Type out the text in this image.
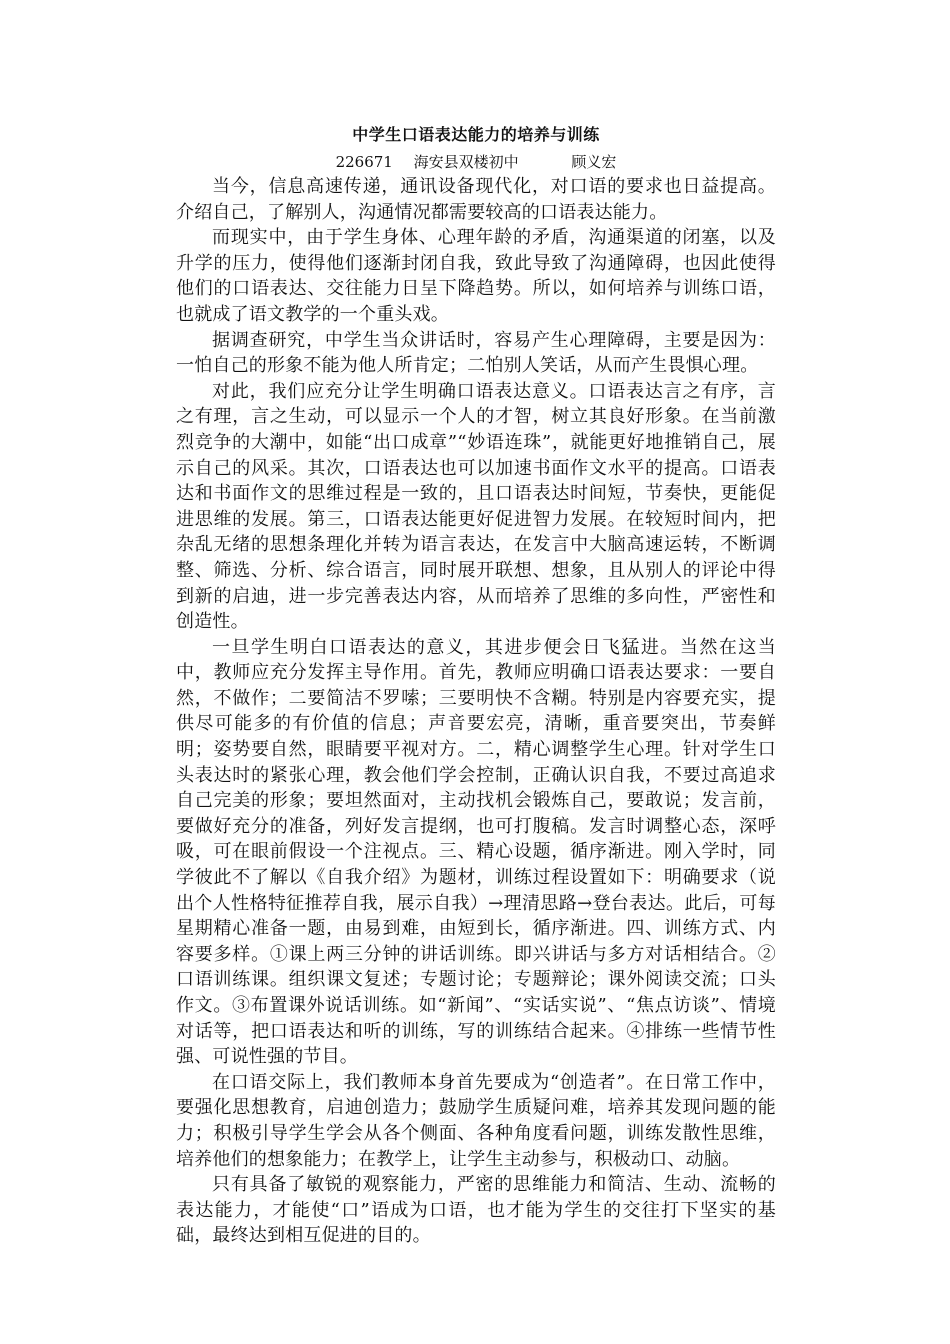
中学生口语表达能力的培养与训练
226671 海安县双楼初中	顾义宏

当今，信息高速传递，通讯设备现代化，对口语的要求也日益提高。介绍自己，了解别人，沟通情况都需要较高的口语表达能力。

而现实中，由于学生身体、心理年龄的矛盾，沟通渠道的闭塞，以及升学的压力，使得他们逐渐封闭自我，致此导致了沟通障碍，也因此使得他们的口语表达、交往能力日呈下降趋势。所以，如何培养与训练口语，也就成了语文教学的一个重头戏。

据调查研究，中学生当众讲话时，容易产生心理障碍，主要是因为：一怕自己的形象不能为他人所肯定；二怕别人笑话，从而产生畏惧心理。

对此，我们应充分让学生明确口语表达意义。口语表达言之有序，言之有理，言之生动，可以显示一个人的才智，树立其良好形象。在当前激烈竞争的大潮中，如能“出口成章”“妙语连珠”，就能更好地推销自己，展示自己的风采。其次，口语表达也可以加速书面作文水平的提高。口语表达和书面作文的思维过程是一致的，且口语表达时间短，节奏快，更能促进思维的发展。第三，口语表达能更好促进智力发展。在较短时间内，把杂乱无绪的思想条理化并转为语言表达，在发言中大脑高速运转，不断调整、筛选、分析、综合语言，同时展开联想、想象，且从别人的评论中得到新的启迪，进一步完善表达内容，从而培养了思维的多向性，严密性和创造性。

一旦学生明白口语表达的意义，其进步便会日飞猛进。当然在这当中，教师应充分发挥主导作用。首先，教师应明确口语表达要求：一要自然，不做作；二要简洁不罗嗦；三要明快不含糊。特别是内容要充实，提供尽可能多的有价值的信息；声音要宏亮，清晰，重音要突出，节奏鲜明；姿势要自然，眼睛要平视对方。二，精心调整学生心理。针对学生口头表达时的紧张心理，教会他们学会控制，正确认识自我，不要过高追求自己完美的形象；要坦然面对，主动找机会锻炼自己，要敢说；发言前，要做好充分的准备，列好发言提纲，也可打腹稿。发言时调整心态，深呼吸，可在眼前假设一个注视点。三、精心设题，循序渐进。刚入学时，同学彼此不了解以《自我介绍》为题材，训练过程设置如下：明确要求（说出个人性格特征推荐自我，展示自我）→理清思路→登台表达。此后，可每星期精心准备一题，由易到难，由短到长，循序渐进。四、训练方式、内容要多样。①课上两三分钟的讲话训练。即兴讲话与多方对话相结合。②口语训练课。组织课文复述；专题讨论；专题辩论；课外阅读交流；口头作文。③布置课外说话训练。如“新闻”、“实话实说”、“焦点访谈”、情境对话等，把口语表达和听的训练，写的训练结合起来。④排练一些情节性强、可说性强的节目。

在口语交际上，我们教师本身首先要成为“创造者”。在日常工作中，要强化思想教育，启迪创造力；鼓励学生质疑问难，培养其发现问题的能力；积极引导学生学会从各个侧面、各种角度看问题，训练发散性思维，培养他们的想象能力；在教学上，让学生主动参与，积极动口、动脑。

只有具备了敏锐的观察能力，严密的思维能力和简洁、生动、流畅的表达能力，才能使“口”语成为口语，也才能为学生的交往打下坚实的基础，最终达到相互促进的目的。
